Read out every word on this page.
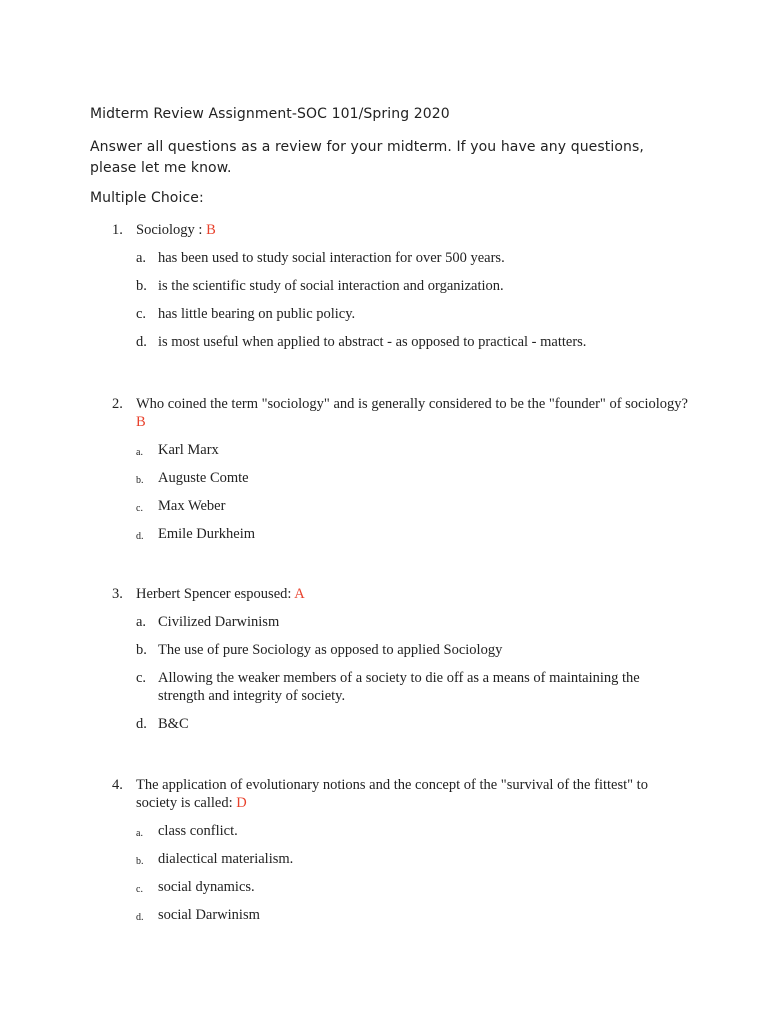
Midterm Review Assignment-SOC 101/Spring 2020
Answer all questions as a review for your midterm. If you have any questions, please let me know.
Multiple Choice:
1. Sociology : B
a. has been used to study social interaction for over 500 years.
b. is the scientific study of social interaction and organization.
c. has little bearing on public policy.
d. is most useful when applied to abstract - as opposed to practical - matters.
2. Who coined the term "sociology" and is generally considered to be the "founder" of sociology? B
a. Karl Marx
b. Auguste Comte
c. Max Weber
d. Emile Durkheim
3. Herbert Spencer espoused: A
a. Civilized Darwinism
b. The use of pure Sociology as opposed to applied Sociology
c. Allowing the weaker members of a society to die off as a means of maintaining the strength and integrity of society.
d. B&C
4. The application of evolutionary notions and the concept of the "survival of the fittest" to society is called: D
a. class conflict.
b. dialectical materialism.
c. social dynamics.
d. social Darwinism
